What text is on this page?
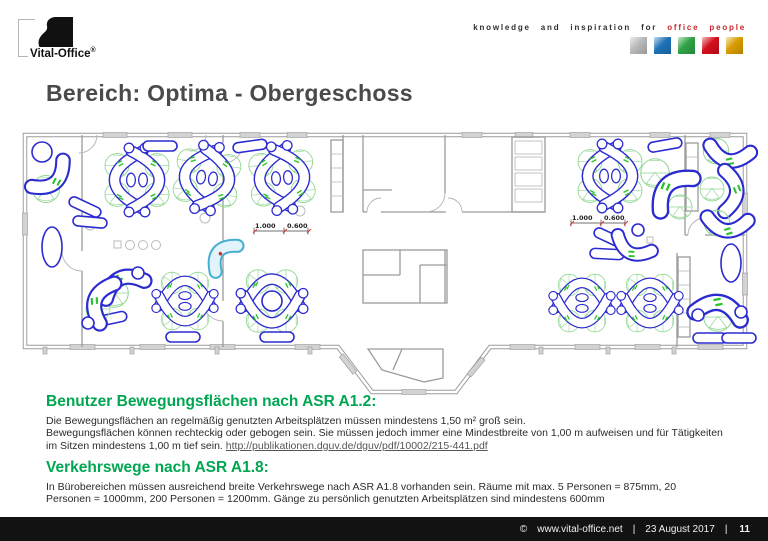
Vital-Office®
knowledge and inspiration for office people
Bereich: Optima - Obergeschoss
1.000 0.600
1.000 0.600
Benutzer Bewegungsflächen nach ASR A1.2:
Die Bewegungsflächen an regelmäßig genutzten Arbeitsplätzen müssen mindestens 1,50 m² groß sein.
Bewegungsflächen können rechteckig oder gebogen sein. Sie müssen jedoch immer eine Mindestbreite von 1,00 m aufweisen und für Tätigkeiten
im Sitzen mindestens 1,00 m tief sein. http://publikationen.dguv.de/dguv/pdf/10002/215-441.pdf
Verkehrswege nach ASR A1.8:
In Bürobereichen müssen ausreichend breite Verkehrswege nach ASR A1.8 vorhanden sein. Räume mit max. 5 Personen = 875mm, 20
Personen = 1000mm, 200 Personen = 1200mm. Gänge zu persönlich genutzten Arbeitsplätzen sind mindestens 600mm
© www.vital-office.net | 23 August 2017 | 11
